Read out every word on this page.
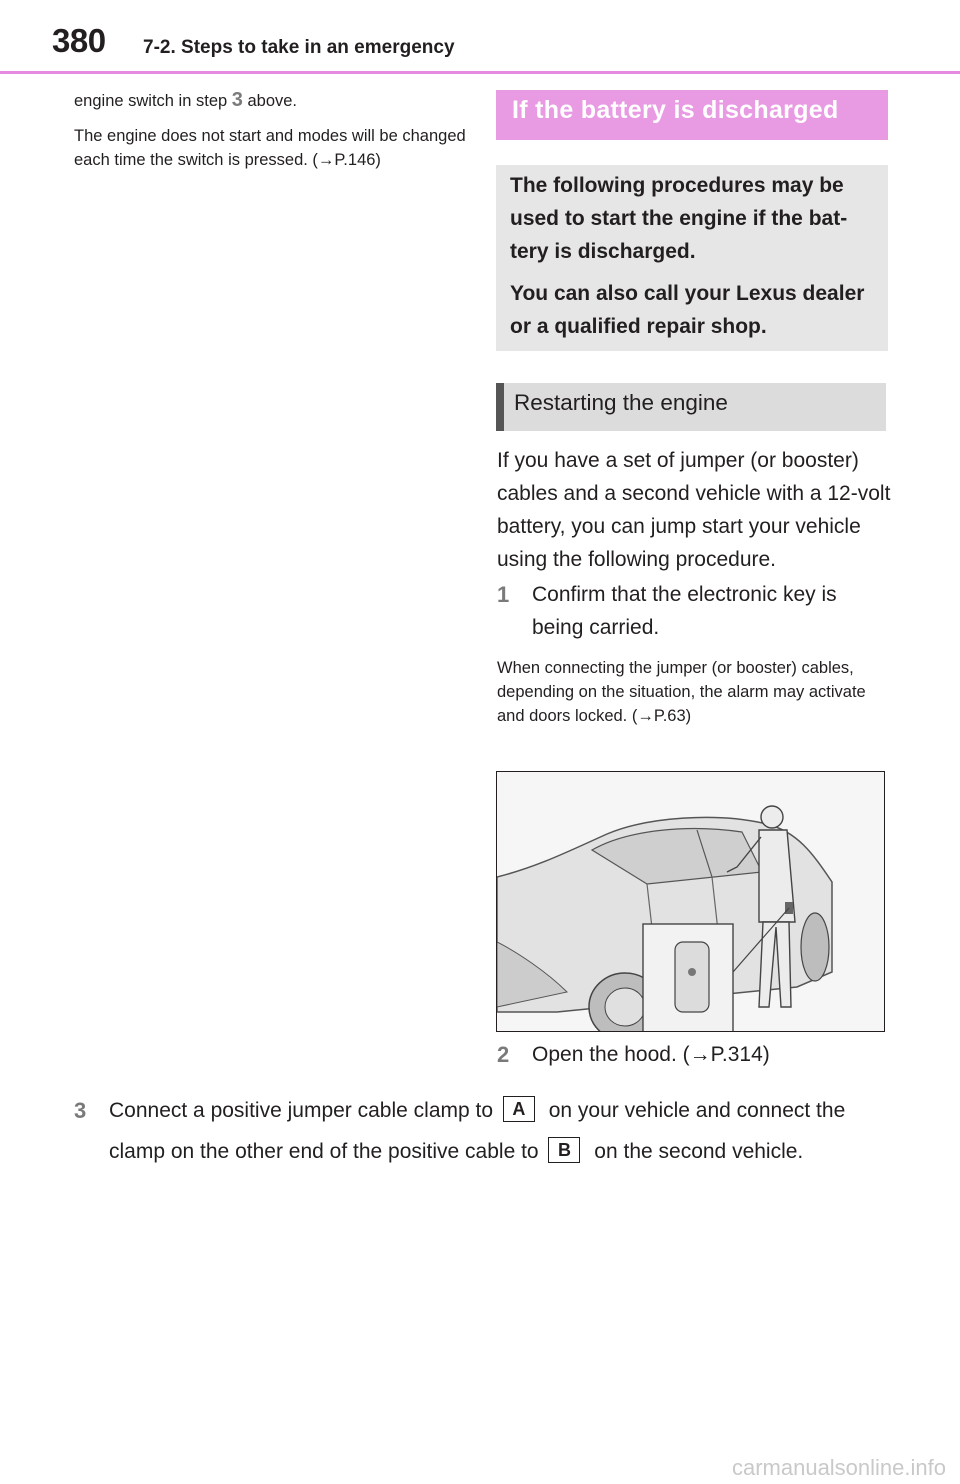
380 7-2. Steps to take in an emergency
engine switch in step 3 above.
The engine does not start and modes will be changed each time the switch is pressed. (→P.146)
If the battery is discharged

The following procedures may be used to start the engine if the bat-tery is discharged.

You can also call your Lexus dealer or a qualified repair shop.

Restarting the engine
If you have a set of jumper (or booster) cables and a second vehicle with a 12-volt battery, you can jump start your vehicle using the following procedure.
1 Confirm that the electronic key is being carried.
When connecting the jumper (or booster) cables, depending on the situation, the alarm may activate and doors locked. (→P.63)
2 Open the hood. (→P.314)
3 Connect a positive jumper cable clamp to A on your vehicle and connect the clamp on the other end of the positive cable to B on the second vehicle.
carmanualsonline.info
